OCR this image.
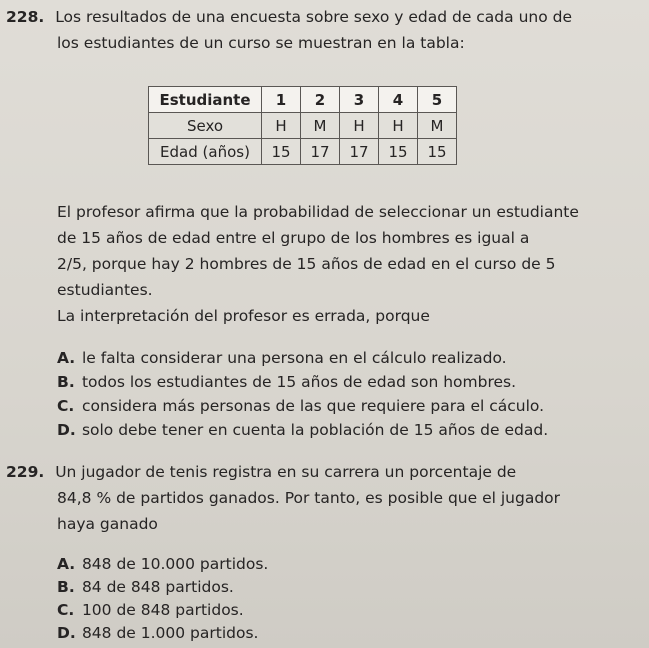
228. Los resultados de una encuesta sobre sexo y edad de cada uno de
los estudiantes de un curso se muestran en la tabla:
Estudiante	1	2	3	4	5
Sexo	H	M	H	H	M
Edad (años)	15	17	17	15	15
El profesor afirma que la probabilidad de seleccionar un estudiante
de 15 años de edad entre el grupo de los hombres es igual a
2/5, porque hay 2 hombres de 15 años de edad en el curso de 5
estudiantes.
La interpretación del profesor es errada, porque
A. le falta considerar una persona en el cálculo realizado.
B. todos los estudiantes de 15 años de edad son hombres.
C. considera más personas de las que requiere para el cáculo.
D. solo debe tener en cuenta la población de 15 años de edad.
229. Un jugador de tenis registra en su carrera un porcentaje de
84,8 % de partidos ganados. Por tanto, es posible que el jugador
haya ganado
A. 848 de 10.000 partidos.
B. 84 de 848 partidos.
C. 100 de 848 partidos.
D. 848 de 1.000 partidos.
